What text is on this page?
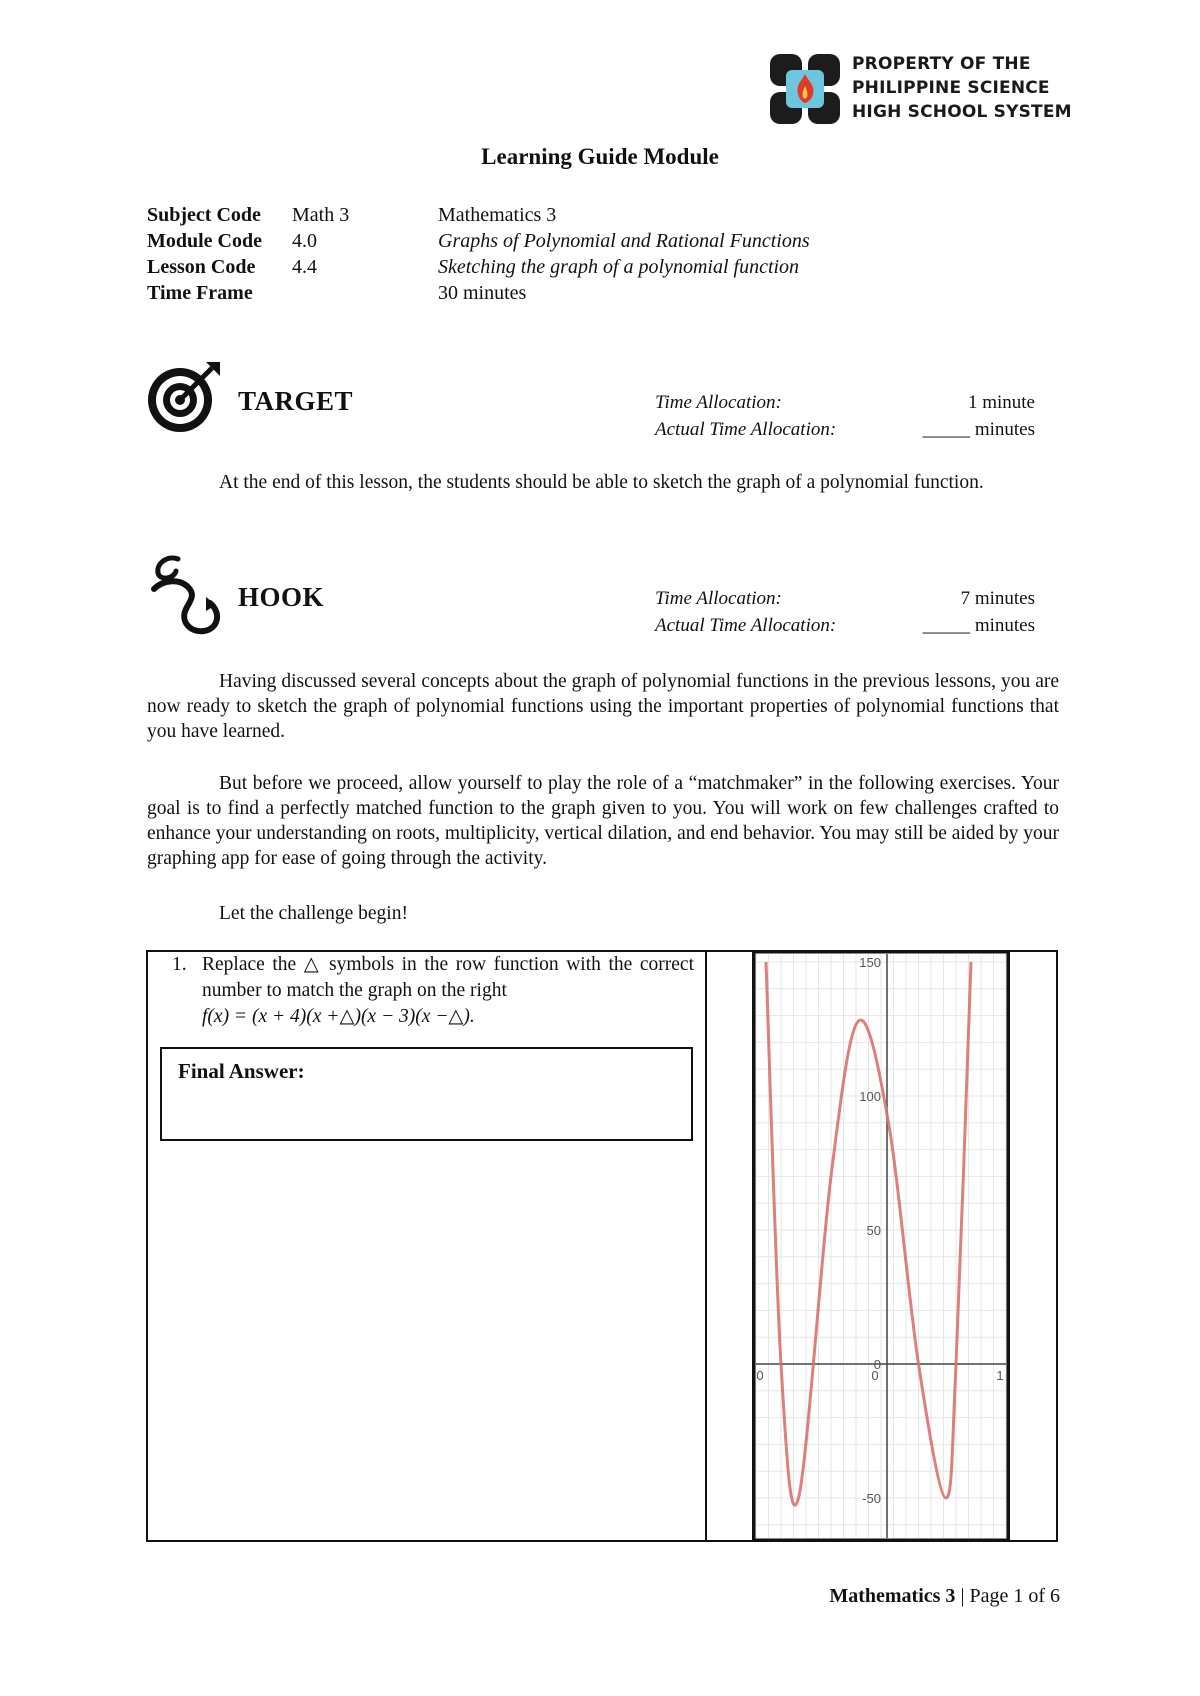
PROPERTY OF THE
PHILIPPINE SCIENCE
HIGH SCHOOL SYSTEM
Learning Guide Module
Subject Code Math 3	Mathematics 3
Module Code 4.0	Graphs of Polynomial and Rational Functions
Lesson Code 4.4	Sketching the graph of a polynomial function
Time Frame	30 minutes
TARGET	Time Allocation:	1 minute
Actual Time Allocation:	_____ minutes
At the end of this lesson, the students should be able to sketch the graph of a polynomial function.
HOOK	Time Allocation:	7 minutes
Actual Time Allocation:	_____ minutes
Having discussed several concepts about the graph of polynomial functions in the previous lessons, you are now ready to sketch the graph of polynomial functions using the important properties of polynomial functions that you have learned.
But before we proceed, allow yourself to play the role of a “matchmaker” in the following exercises. Your goal is to find a perfectly matched function to the graph given to you. You will work on few challenges crafted to enhance your understanding on roots, multiplicity, vertical dilation, and end behavior. You may still be aided by your graphing app for ease of going through the activity.
Let the challenge begin!
1. Replace the △ symbols in the row function with the correct number to match the graph on the right
f(x) = (x + 4)(x +△)(x − 3)(x −△).
Final Answer:
150
100
50
0
-50
0	0	1
Mathematics 3 | Page 1 of 6
